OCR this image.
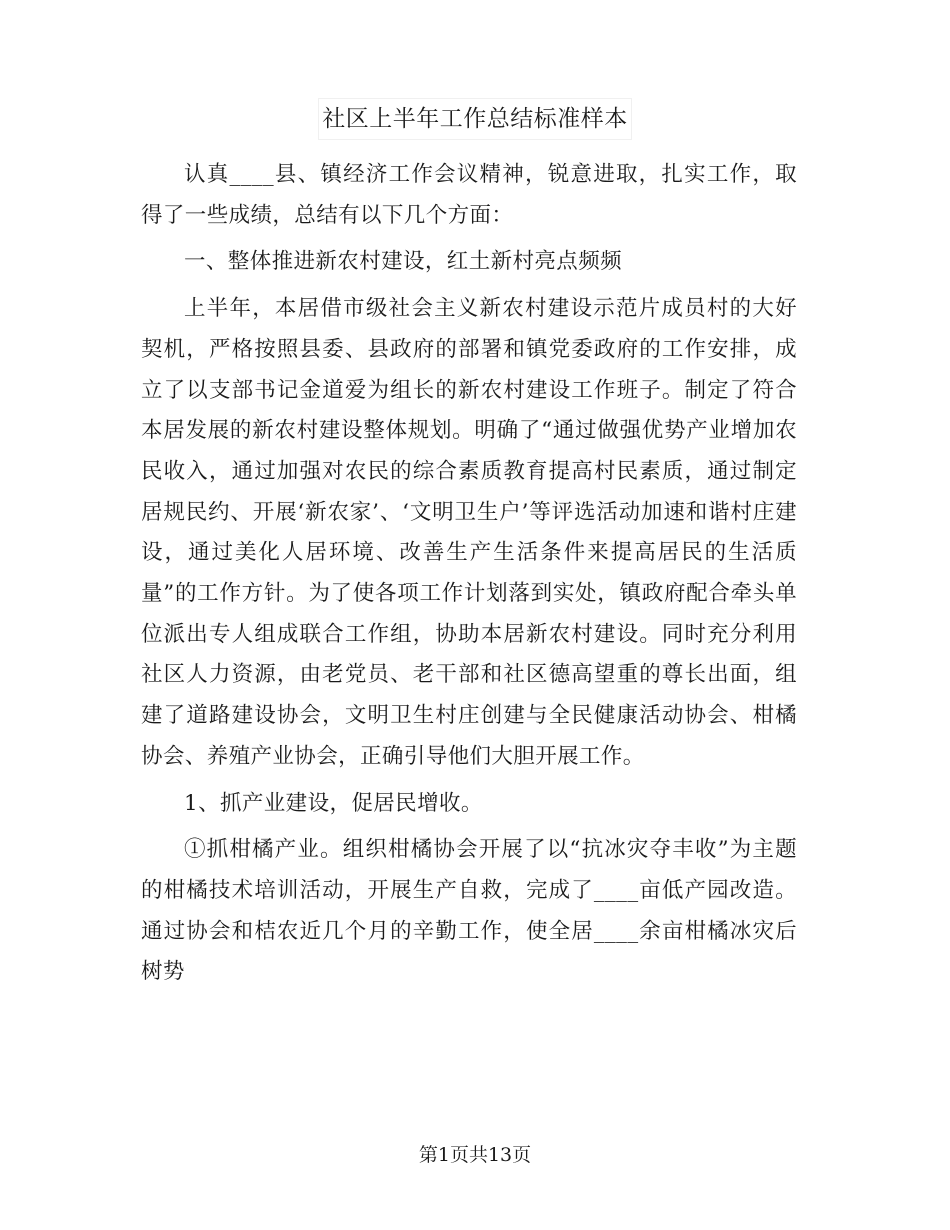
社区上半年工作总结标准样本

认真____县、镇经济工作会议精神，锐意进取，扎实工作，取得了一些成绩，总结有以下几个方面：

一、整体推进新农村建设，红土新村亮点频频

上半年，本居借市级社会主义新农村建设示范片成员村的大好契机，严格按照县委、县政府的部署和镇党委政府的工作安排，成立了以支部书记金道爱为组长的新农村建设工作班子。制定了符合本居发展的新农村建设整体规划。明确了“通过做强优势产业增加农民收入，通过加强对农民的综合素质教育提高村民素质，通过制定居规民约、开展‘新农家’、‘文明卫生户’等评选活动加速和谐村庄建设，通过美化人居环境、改善生产生活条件来提高居民的生活质量”的工作方针。为了使各项工作计划落到实处，镇政府配合牵头单位派出专人组成联合工作组，协助本居新农村建设。同时充分利用社区人力资源，由老党员、老干部和社区德高望重的尊长出面，组建了道路建设协会，文明卫生村庄创建与全民健康活动协会、柑橘协会、养殖产业协会，正确引导他们大胆开展工作。

1、抓产业建设，促居民增收。

①抓柑橘产业。组织柑橘协会开展了以“抗冰灾夺丰收”为主题的柑橘技术培训活动，开展生产自救，完成了____亩低产园改造。通过协会和桔农近几个月的辛勤工作，使全居____余亩柑橘冰灾后树势

第1页共13页
